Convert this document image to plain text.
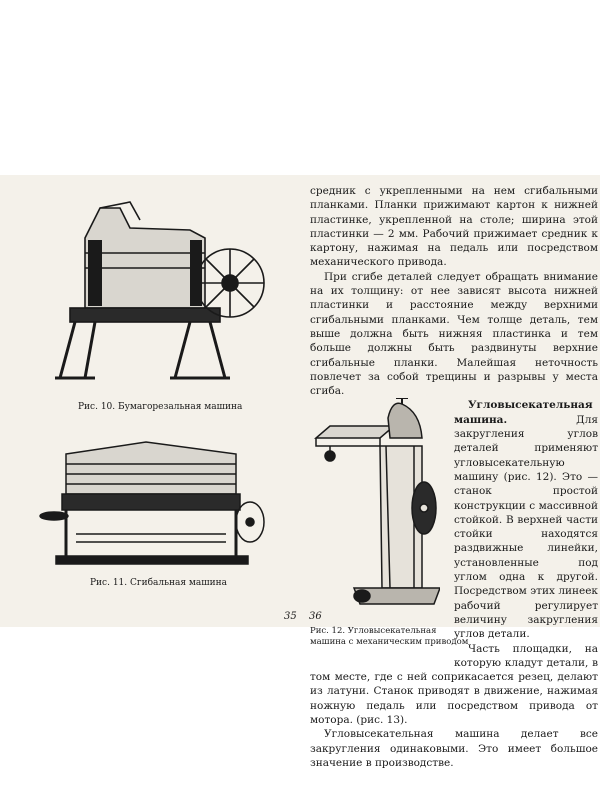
Рис. 10. Бумагорезальная машина
Рис. 11. Сгибальная машина
35

средник с укрепленными на нем сгибальными планками. Планки прижимают картон к нижней пластинке, укрепленной на столе; ширина этой пластинки — 2 мм. Рабочий прижимает средник к картону, нажимая на педаль или посредством механического привода.

При сгибе деталей следует обращать внимание на их толщину: от нее зависят высота нижней пластинки и расстояние между верхними сгибальными планками. Чем толще деталь, тем выше должна быть нижняя пластинка и тем больше должны быть раздвинуты верхние сгибальные планки. Малейшая неточность повлечет за собой трещины и разрывы у места сгиба.

Рис. 12. Угловысекательная
машина с механическим приводом

Угловысекательная машина.	Для закругления углов деталей применяют угловысекательную машину (рис. 12). Это — станок простой конструкции с массивной стойкой. В верхней части стойки находятся раздвижные линейки, установленные под углом одна к другой. Посредством этих линеек рабочий регулирует величину закругления углов детали.

Часть площадки, на которую кладут детали, в том месте, где с ней соприкасается резец, делают из латуни. Станок приводят в движение, нажимая ножную педаль или посредством привода от мотора. (рис. 13).

Угловысекательная машина делает все закругления одинаковыми. Это имеет большое значение в производстве.

36
